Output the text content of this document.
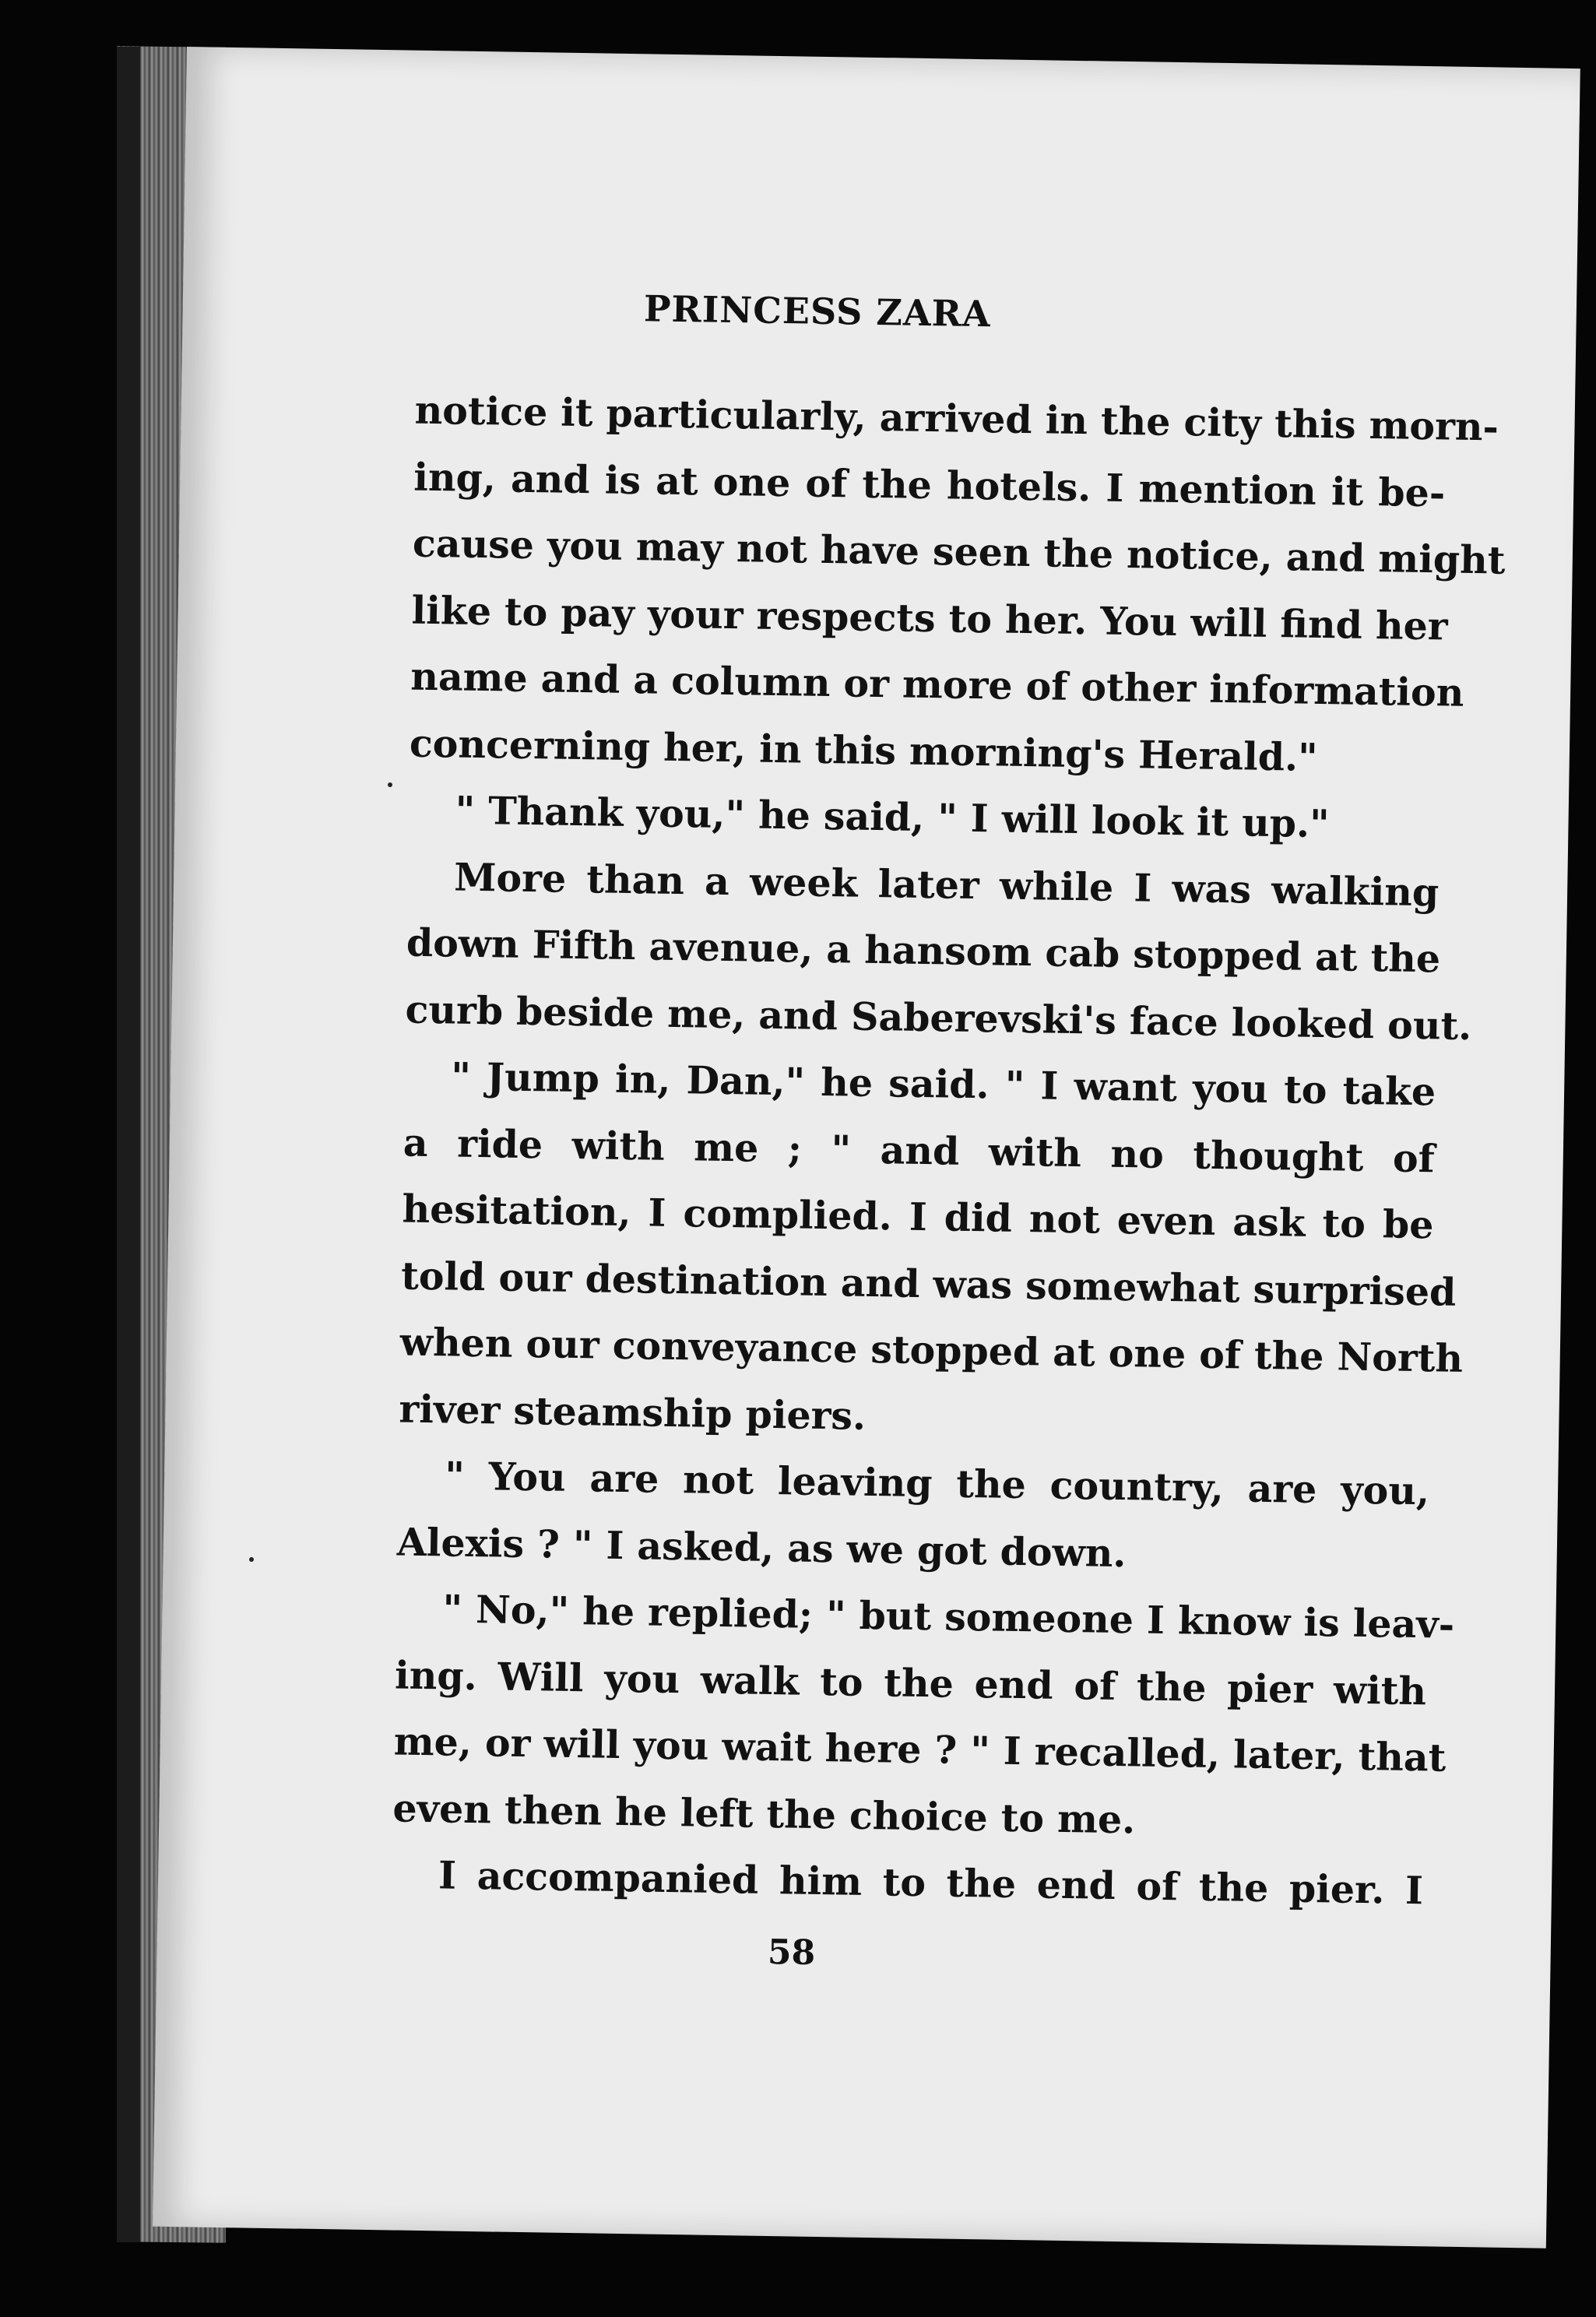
PRINCESS ZARA
notice it particularly, arrived in the city this morn-
ing, and is at one of the hotels. I mention it be-
cause you may not have seen the notice, and might
like to pay your respects to her. You will find her
name and a column or more of other information
concerning her, in this morning's Herald."
" Thank you," he said, " I will look it up."
More than a week later while I was walking
down Fifth avenue, a hansom cab stopped at the
curb beside me, and Saberevski's face looked out.
" Jump in, Dan," he said. " I want you to take
a ride with me ; " and with no thought of
hesitation, I complied. I did not even ask to be
told our destination and was somewhat surprised
when our conveyance stopped at one of the North
river steamship piers.
" You are not leaving the country, are you,
Alexis ? " I asked, as we got down.
" No," he replied; " but someone I know is leav-
ing. Will you walk to the end of the pier with
me, or will you wait here ? " I recalled, later, that
even then he left the choice to me.
I accompanied him to the end of the pier. I
58
